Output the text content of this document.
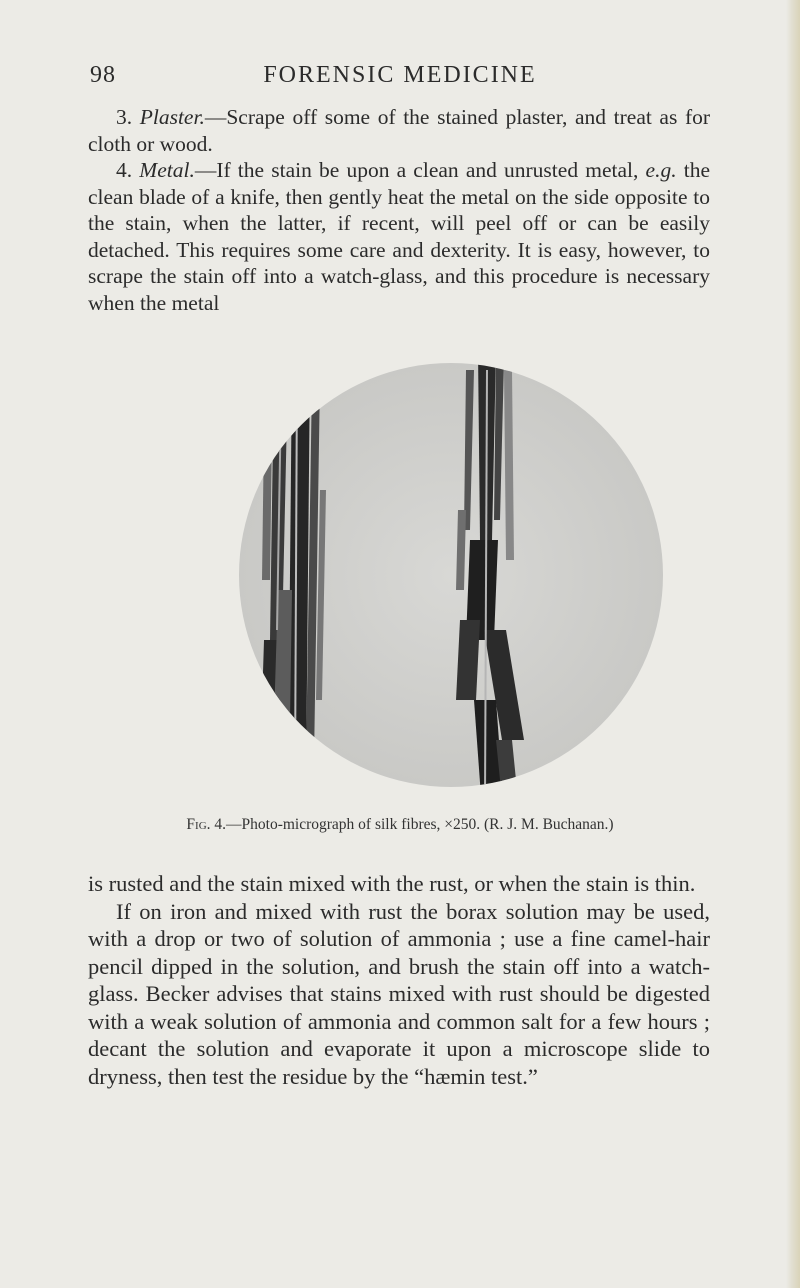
98	FORENSIC MEDICINE

3. Plaster.—Scrape off some of the stained plaster, and treat as for cloth or wood.

4. Metal.—If the stain be upon a clean and unrusted metal, e.g. the clean blade of a knife, then gently heat the metal on the side opposite to the stain, when the latter, if recent, will peel off or can be easily detached. This requires some care and dexterity. It is easy, however, to scrape the stain off into a watch-glass, and this procedure is necessary when the metal

Fig. 4.—Photo-micrograph of silk fibres, ×250. (R. J. M. Buchanan.)

is rusted and the stain mixed with the rust, or when the stain is thin.

If on iron and mixed with rust the borax solution may be used, with a drop or two of solution of ammonia ; use a fine camel-hair pencil dipped in the solution, and brush the stain off into a watch-glass. Becker advises that stains mixed with rust should be digested with a weak solution of ammonia and common salt for a few hours ; decant the solution and evaporate it upon a microscope slide to dryness, then test the residue by the “hæmin test.”
